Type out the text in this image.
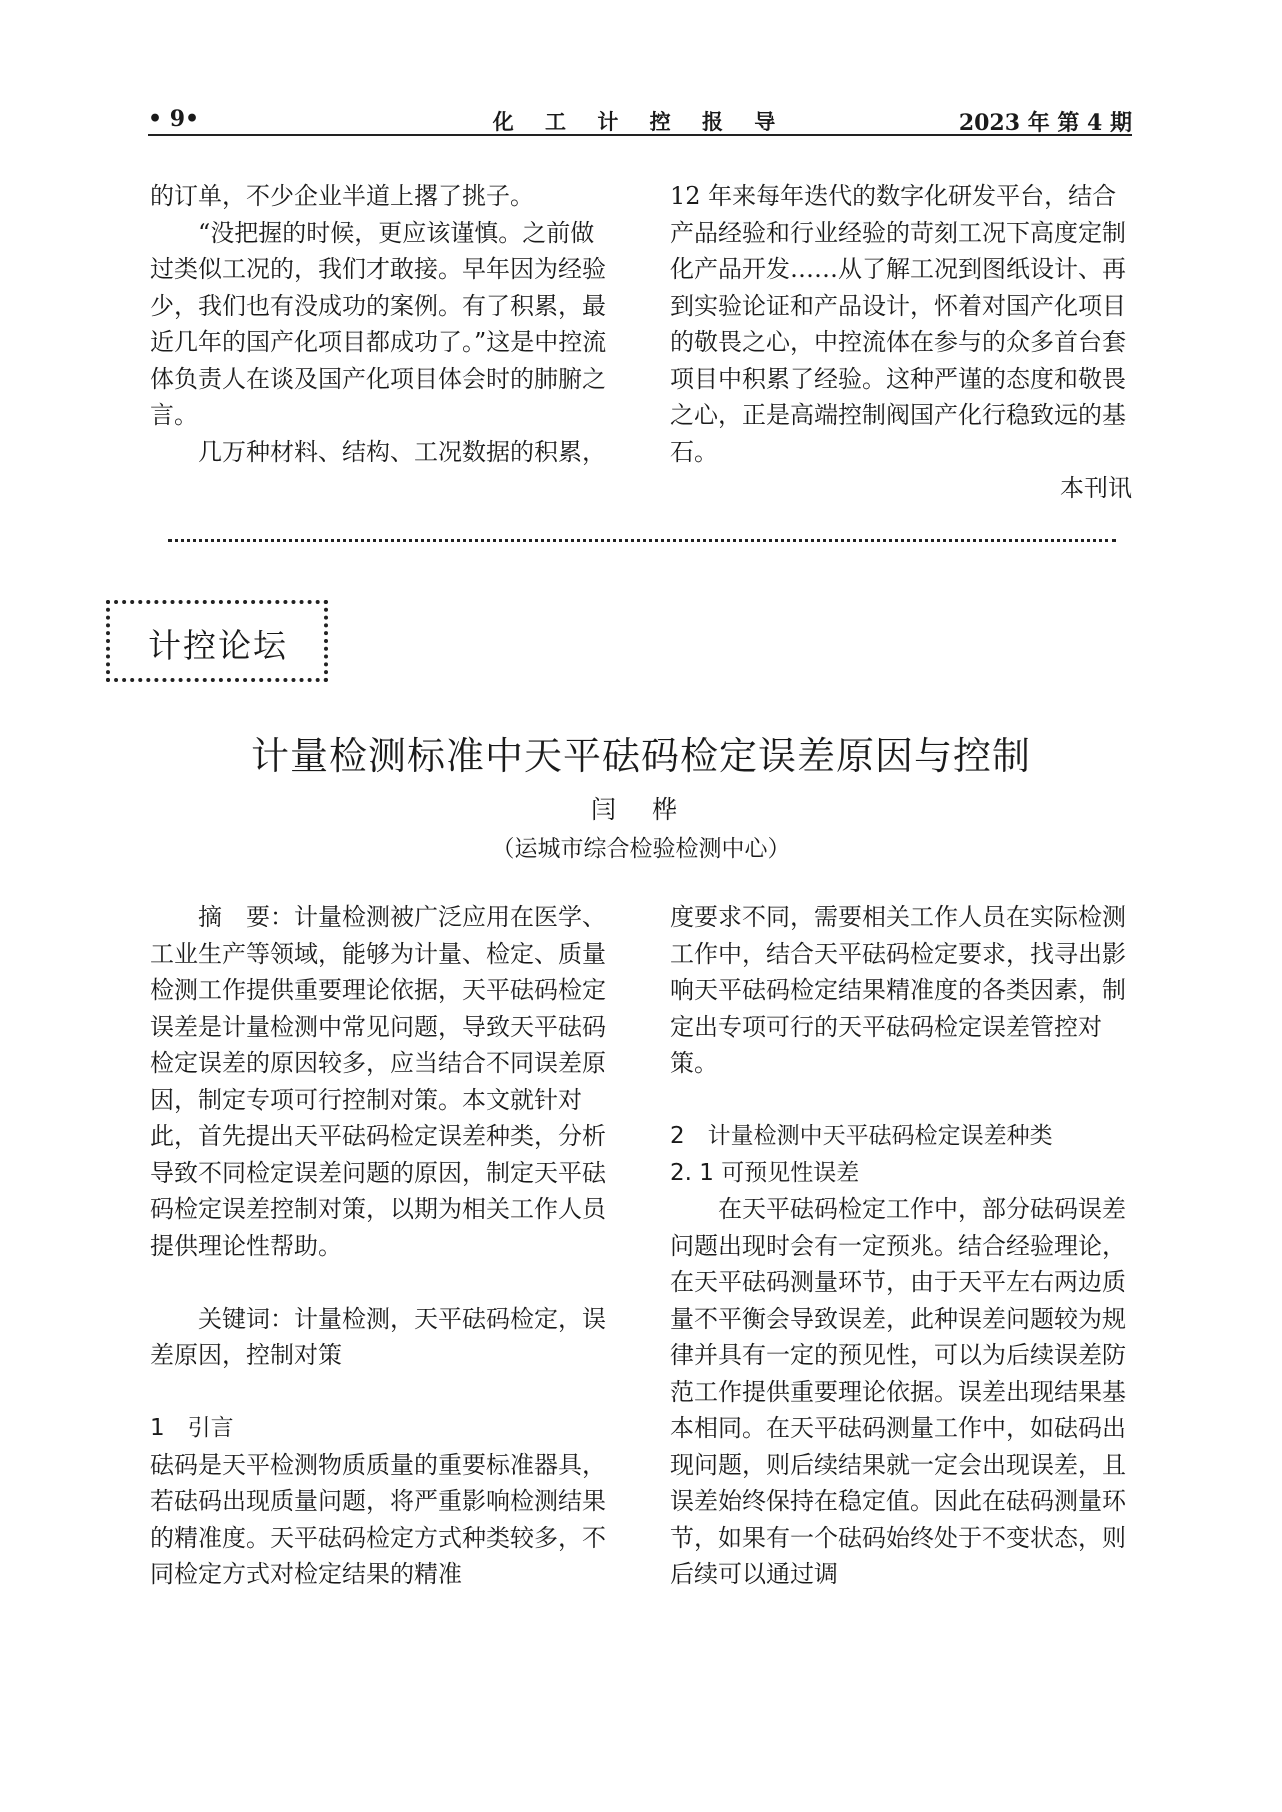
• 9•	化 工 计 控 报 导	2023 年 第 4 期

的订单，不少企业半道上撂了挑子。

“没把握的时候，更应该谨慎。之前做过类似工况的，我们才敢接。早年因为经验少，我们也有没成功的案例。有了积累，最近几年的国产化项目都成功了。”这是中控流体负责人在谈及国产化项目体会时的肺腑之言。

几万种材料、结构、工况数据的积累，

12 年来每年迭代的数字化研发平台，结合产品经验和行业经验的苛刻工况下高度定制化产品开发……从了解工况到图纸设计、再到实验论证和产品设计，怀着对国产化项目的敬畏之心，中控流体在参与的众多首台套项目中积累了经验。这种严谨的态度和敬畏之心，正是高端控制阀国产化行稳致远的基石。

本刊讯

计控论坛
计量检测标准中天平砝码检定误差原因与控制
闫 桦
（运城市综合检验检测中心）

摘　要：计量检测被广泛应用在医学、工业生产等领域，能够为计量、检定、质量检测工作提供重要理论依据，天平砝码检定误差是计量检测中常见问题，导致天平砝码检定误差的原因较多，应当结合不同误差原因，制定专项可行控制对策。本文就针对此，首先提出天平砝码检定误差种类，分析导致不同检定误差问题的原因，制定天平砝码检定误差控制对策，以期为相关工作人员提供理论性帮助。

关键词：计量检测，天平砝码检定，误差原因，控制对策

1　引言

砝码是天平检测物质质量的重要标准器具，若砝码出现质量问题，将严重影响检测结果的精准度。天平砝码检定方式种类较多，不同检定方式对检定结果的精准

度要求不同，需要相关工作人员在实际检测工作中，结合天平砝码检定要求，找寻出影响天平砝码检定结果精准度的各类因素，制定出专项可行的天平砝码检定误差管控对策。

2　计量检测中天平砝码检定误差种类

2. 1 可预见性误差

在天平砝码检定工作中，部分砝码误差问题出现时会有一定预兆。结合经验理论，在天平砝码测量环节，由于天平左右两边质量不平衡会导致误差，此种误差问题较为规律并具有一定的预见性，可以为后续误差防范工作提供重要理论依据。误差出现结果基本相同。在天平砝码测量工作中，如砝码出现问题，则后续结果就一定会出现误差，且误差始终保持在稳定值。因此在砝码测量环节，如果有一个砝码始终处于不变状态，则后续可以通过调
